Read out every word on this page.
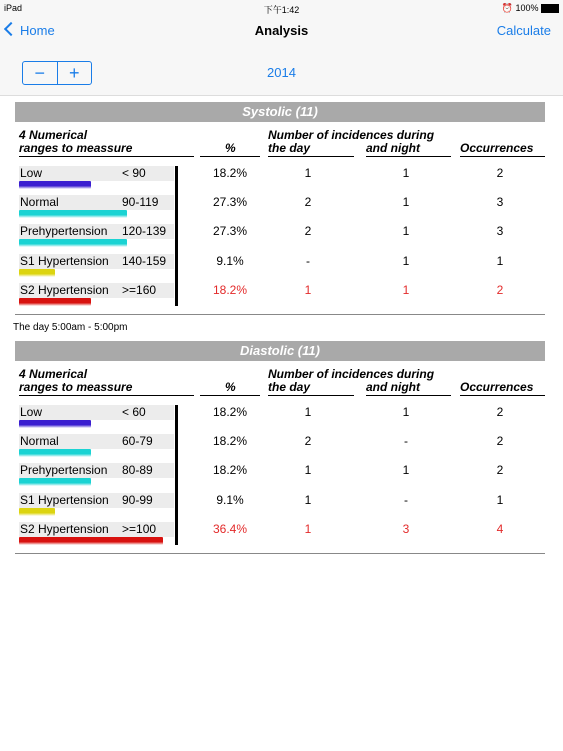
iPad	下午1:42	⏰ 100%
Home	Analysis	Calculate
−	+	2014
Systolic (11)
4 Numerical
ranges to meassure	%
Number of incidences during
the day	and night	Occurrences
Low	< 90	18.2%	1	1	2
Normal	90-119	27.3%	2	1	3
Prehypertension	120-139	27.3%	2	1	3
S1 Hypertension	140-159	9.1%	-	1	1
S2 Hypertension	>=160	18.2%	1	1	2
The day 5:00am - 5:00pm
Diastolic (11)
4 Numerical
ranges to meassure	%
Number of incidences during
the day	and night	Occurrences
Low	< 60	18.2%	1	1	2
Normal	60-79	18.2%	2	-	2
Prehypertension	80-89	18.2%	1	1	2
S1 Hypertension	90-99	9.1%	1	-	1
S2 Hypertension	>=100	36.4%	1	3	4
